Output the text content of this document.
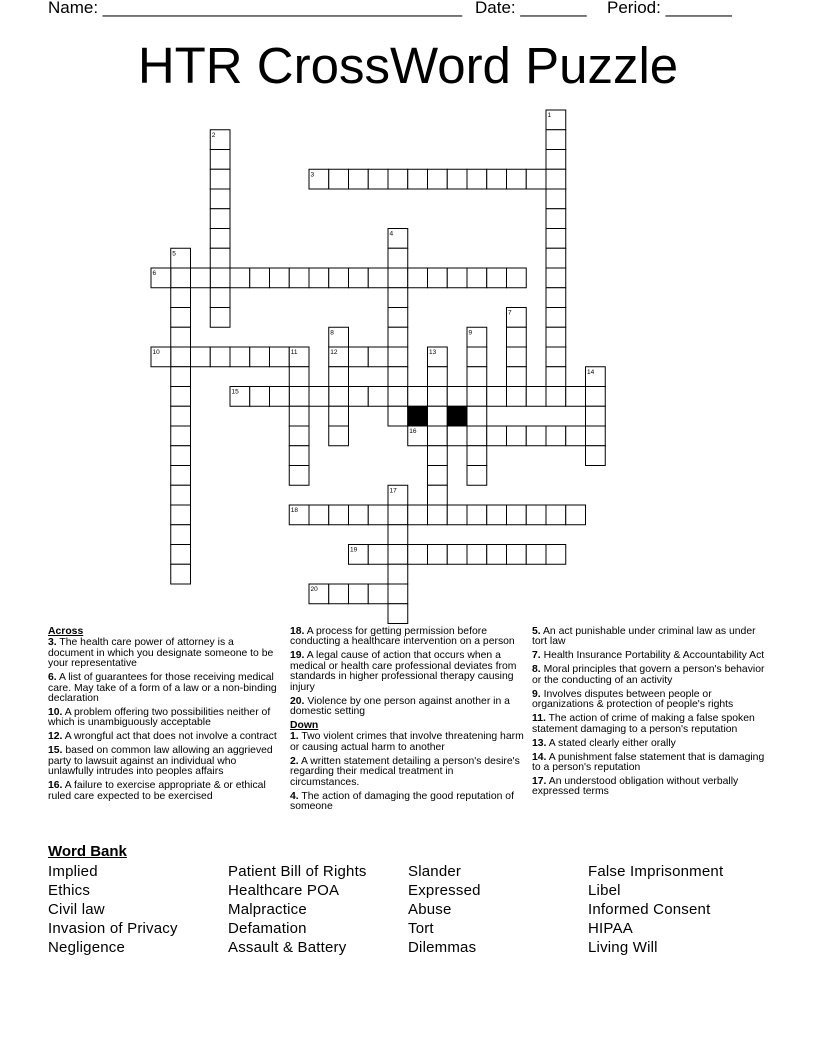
Name: ______________________________________ Date: _______ Period: _______
HTR CrossWord Puzzle
1
2
3
4
5
6
7
8	9
10	11	12	13
14
15
16
17
18
19
20
Across
3. The health care power of attorney is a document in which you designate someone to be your representative
6. A list of guarantees for those receiving medical care. May take of a form of a law or a non-binding declaration
10. A problem offering two possibilities neither of which is unambiguously acceptable
12. A wrongful act that does not involve a contract
15. based on common law allowing an aggrieved party to lawsuit against an individual who unlawfully intrudes into peoples affairs
16. A failure to exercise appropriate & or ethical ruled care expected to be exercised
18. A process for getting permission before conducting a healthcare intervention on a person
19. A legal cause of action that occurs when a medical or health care professional deviates from standards in higher professional therapy causing injury
20. Violence by one person against another in a domestic setting
Down
1. Two violent crimes that involve threatening harm or causing actual harm to another
2. A written statement detailing a person's desire's regarding their medical treatment in circumstances.
4. The action of damaging the good reputation of someone
5. An act punishable under criminal law as under tort law
7. Health Insurance Portability & Accountability Act
8. Moral principles that govern a person's behavior or the conducting of an activity
9. Involves disputes between people or organizations & protection of people's rights
11. The action of crime of making a false spoken statement damaging to a person's reputation
13. A stated clearly either orally
14. A punishment false statement that is damaging to a person's reputation
17. An understood obligation without verbally expressed terms
Word Bank
Implied
Ethics
Civil law
Invasion of Privacy
Negligence
Patient Bill of Rights
Healthcare POA
Malpractice
Defamation
Assault & Battery
Slander
Expressed
Abuse
Tort
Dilemmas
False Imprisonment
Libel
Informed Consent
HIPAA
Living Will
